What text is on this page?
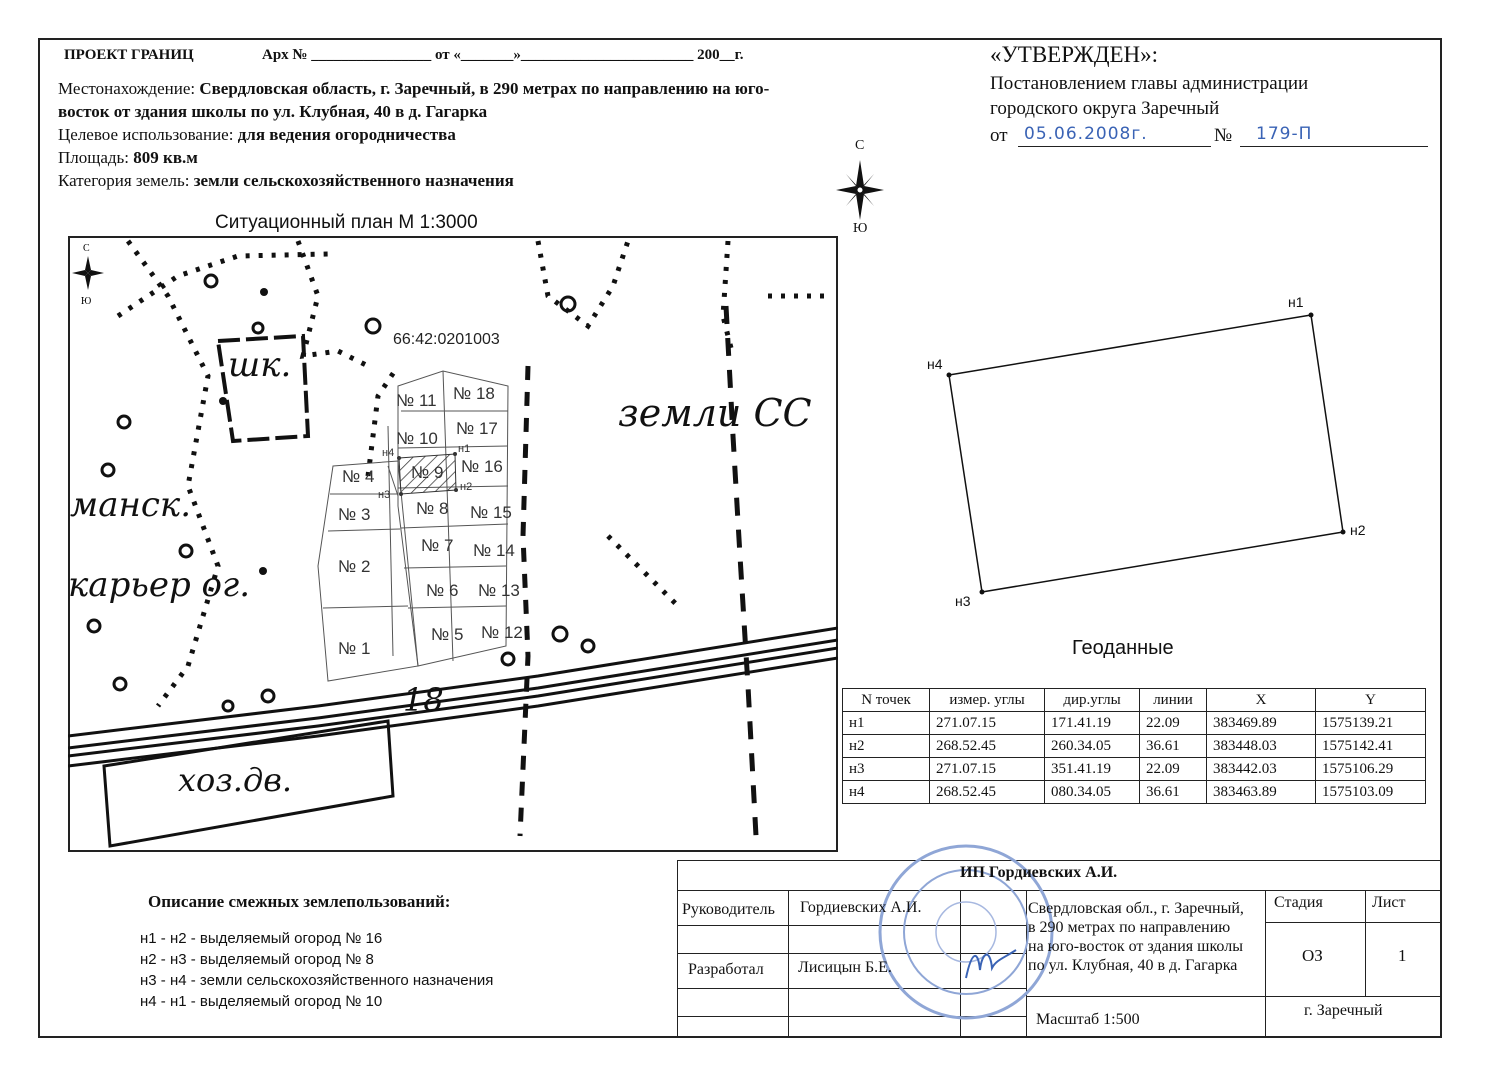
ПРОЕКТ ГРАНИЦ	Арх № ________________ от «_______»_______________________ 200__г.
Местонахождение: Свердловская область, г. Заречный, в 290 метрах по направлению на юго-
восток от здания школы по ул. Клубная, 40 в д. Гагарка
Целевое использование: для ведения огородничества
Площадь: 809 кв.м
Категория земель: земли сельскохозяйственного назначения
«УТВЕРЖДЕН»:
Постановлением главы администрации
городского округа Заречный
от 05.06.2008г.	№ 179-П
С
Ю
Ситуационный план М 1:3000
С
Ю
66:42:0201003
шк.
земли СС
манск.
карьер ог.
18
хоз.дв.
№ 11 № 18
№ 10
№ 17
№ 4 № 9 № 16
№ 3	№ 8 № 15
№ 7 № 14
№ 2
№ 6 № 13
№ 1
№ 5 № 12
н4	н1
н2
н3
н1
н2
н3
н4
Геоданные
N точек	измер. углы	дир.углы	линии	X	Y
н1	271.07.15	171.41.19	22.09	383469.89	1575139.21
н2	268.52.45	260.34.05	36.61	383448.03	1575142.41
н3	271.07.15	351.41.19	22.09	383442.03	1575106.29
н4	268.52.45	080.34.05	36.61	383463.89	1575103.09
Описание смежных землепользований:
н1 - н2 - выделяемый огород № 16
н2 - н3 - выделяемый огород № 8
н3 - н4 - земли сельскохозяйственного назначения
н4 - н1 - выделяемый огород № 10
ИП Гордиевских А.И.
Руководитель Гордиевских А.И.
Разработал Лисицын Б.Е.
Свердловская обл., г. Заречный,
в 290 метрах по направлению
на юго-восток от здания школы
по ул. Клубная, 40 в д. Гагарка
Стадия	Лист
ОЗ	1
Масштаб 1:500
г. Заречный
